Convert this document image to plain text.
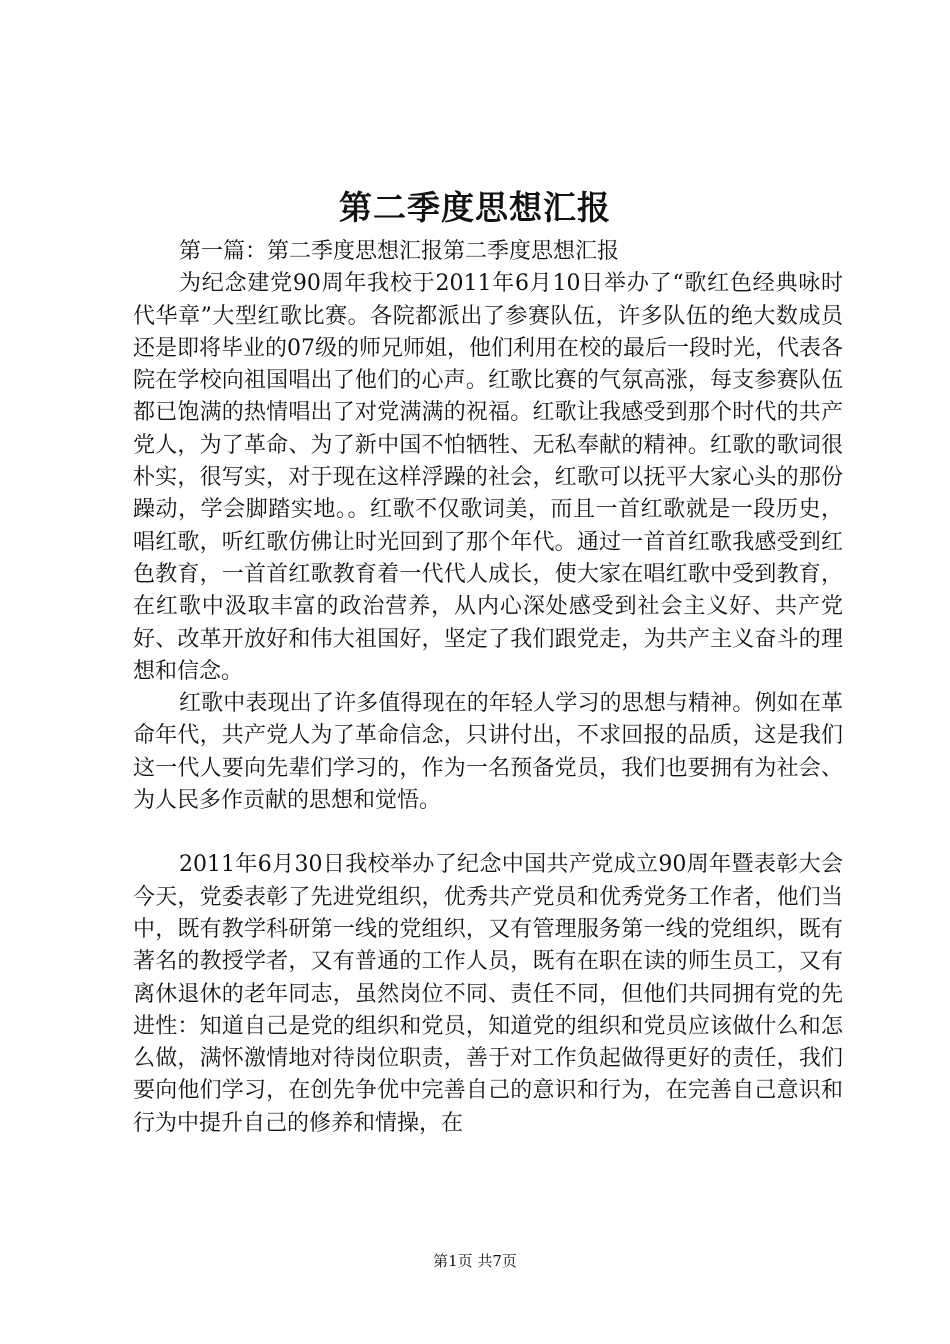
第二季度思想汇报

第一篇：第二季度思想汇报第二季度思想汇报

为纪念建党90周年我校于2011年6月10日举办了“歌红色经典咏时代华章”大型红歌比赛。各院都派出了参赛队伍，许多队伍的绝大数成员还是即将毕业的07级的师兄师姐，他们利用在校的最后一段时光，代表各院在学校向祖国唱出了他们的心声。红歌比赛的气氛高涨，每支参赛队伍都已饱满的热情唱出了对党满满的祝福。红歌让我感受到那个时代的共产党人，为了革命、为了新中国不怕牺牲、无私奉献的精神。红歌的歌词很朴实，很写实，对于现在这样浮躁的社会，红歌可以抚平大家心头的那份躁动，学会脚踏实地。。红歌不仅歌词美，而且一首红歌就是一段历史，唱红歌，听红歌仿佛让时光回到了那个年代。通过一首首红歌我感受到红色教育，一首首红歌教育着一代代人成长，使大家在唱红歌中受到教育，在红歌中汲取丰富的政治营养，从内心深处感受到社会主义好、共产党好、改革开放好和伟大祖国好，坚定了我们跟党走，为共产主义奋斗的理想和信念。

红歌中表现出了许多值得现在的年轻人学习的思想与精神。例如在革命年代，共产党人为了革命信念，只讲付出，不求回报的品质，这是我们这一代人要向先辈们学习的，作为一名预备党员，我们也要拥有为社会、为人民多作贡献的思想和觉悟。

2011年6月30日我校举办了纪念中国共产党成立90周年暨表彰大会今天，党委表彰了先进党组织，优秀共产党员和优秀党务工作者，他们当中，既有教学科研第一线的党组织，又有管理服务第一线的党组织，既有著名的教授学者，又有普通的工作人员，既有在职在读的师生员工，又有离休退休的老年同志，虽然岗位不同、责任不同，但他们共同拥有党的先进性：知道自己是党的组织和党员，知道党的组织和党员应该做什么和怎么做，满怀激情地对待岗位职责，善于对工作负起做得更好的责任，我们要向他们学习，在创先争优中完善自己的意识和行为，在完善自己意识和行为中提升自己的修养和情操，在

第1页 共7页
